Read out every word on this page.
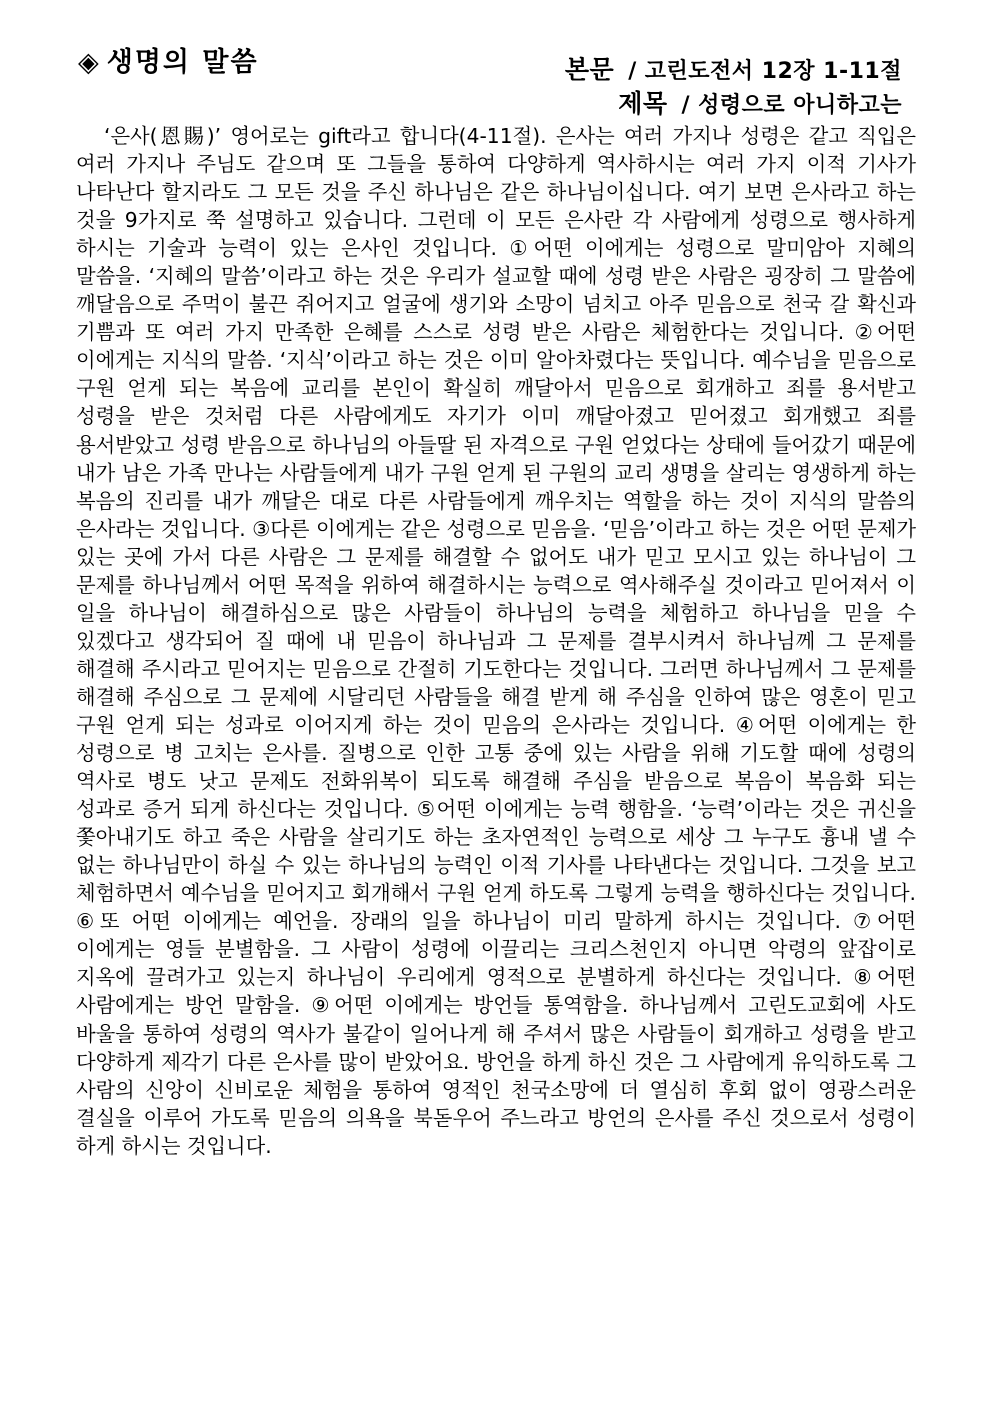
◈ 생명의 말씀	본문 / 고린도전서 12장 1-11절
제목 / 성령으로 아니하고는

‘은사(恩賜)’ 영어로는 gift라고 합니다(4-11절). 은사는 여러 가지나 성령은 같고 직입은 여러 가지나 주님도 같으며 또 그들을 통하여 다양하게 역사하시는 여러 가지 이적 기사가 나타난다 할지라도 그 모든 것을 주신 하나님은 같은 하나님이십니다. 여기 보면 은사라고 하는 것을 9가지로 쭉 설명하고 있습니다. 그런데 이 모든 은사란 각 사람에게 성령으로 행사하게 하시는 기술과 능력이 있는 은사인 것입니다. ①어떤 이에게는 성령으로 말미암아 지혜의 말씀을. ‘지혜의 말씀’이라고 하는 것은 우리가 설교할 때에 성령 받은 사람은 굉장히 그 말씀에 깨달음으로 주먹이 불끈 쥐어지고 얼굴에 생기와 소망이 넘치고 아주 믿음으로 천국 갈 확신과 기쁨과 또 여러 가지 만족한 은혜를 스스로 성령 받은 사람은 체험한다는 것입니다. ②어떤 이에게는 지식의 말씀. ‘지식’이라고 하는 것은 이미 알아차렸다는 뜻입니다. 예수님을 믿음으로 구원 얻게 되는 복음에 교리를 본인이 확실히 깨달아서 믿음으로 회개하고 죄를 용서받고 성령을 받은 것처럼 다른 사람에게도 자기가 이미 깨달아졌고 믿어졌고 회개했고 죄를 용서받았고 성령 받음으로 하나님의 아들딸 된 자격으로 구원 얻었다는 상태에 들어갔기 때문에 내가 남은 가족 만나는 사람들에게 내가 구원 얻게 된 구원의 교리 생명을 살리는 영생하게 하는 복음의 진리를 내가 깨달은 대로 다른 사람들에게 깨우치는 역할을 하는 것이 지식의 말씀의 은사라는 것입니다. ③다른 이에게는 같은 성령으로 믿음을. ‘믿음’이라고 하는 것은 어떤 문제가 있는 곳에 가서 다른 사람은 그 문제를 해결할 수 없어도 내가 믿고 모시고 있는 하나님이 그 문제를 하나님께서 어떤 목적을 위하여 해결하시는 능력으로 역사해주실 것이라고 믿어져서 이 일을 하나님이 해결하심으로 많은 사람들이 하나님의 능력을 체험하고 하나님을 믿을 수 있겠다고 생각되어 질 때에 내 믿음이 하나님과 그 문제를 결부시켜서 하나님께 그 문제를 해결해 주시라고 믿어지는 믿음으로 간절히 기도한다는 것입니다. 그러면 하나님께서 그 문제를 해결해 주심으로 그 문제에 시달리던 사람들을 해결 받게 해 주심을 인하여 많은 영혼이 믿고 구원 얻게 되는 성과로 이어지게 하는 것이 믿음의 은사라는 것입니다. ④어떤 이에게는 한 성령으로 병 고치는 은사를. 질병으로 인한 고통 중에 있는 사람을 위해 기도할 때에 성령의 역사로 병도 낫고 문제도 전화위복이 되도록 해결해 주심을 받음으로 복음이 복음화 되는 성과로 증거 되게 하신다는 것입니다. ⑤어떤 이에게는 능력 행함을. ‘능력’이라는 것은 귀신을 쫓아내기도 하고 죽은 사람을 살리기도 하는 초자연적인 능력으로 세상 그 누구도 흉내 낼 수 없는 하나님만이 하실 수 있는 하나님의 능력인 이적 기사를 나타낸다는 것입니다. 그것을 보고 체험하면서 예수님을 믿어지고 회개해서 구원 얻게 하도록 그렇게 능력을 행하신다는 것입니다. ⑥또 어떤 이에게는 예언을. 장래의 일을 하나님이 미리 말하게 하시는 것입니다. ⑦어떤 이에게는 영들 분별함을. 그 사람이 성령에 이끌리는 크리스천인지 아니면 악령의 앞잡이로 지옥에 끌려가고 있는지 하나님이 우리에게 영적으로 분별하게 하신다는 것입니다. ⑧어떤 사람에게는 방언 말함을. ⑨어떤 이에게는 방언들 통역함을. 하나님께서 고린도교회에 사도 바울을 통하여 성령의 역사가 불같이 일어나게 해 주셔서 많은 사람들이 회개하고 성령을 받고 다양하게 제각기 다른 은사를 많이 받았어요. 방언을 하게 하신 것은 그 사람에게 유익하도록 그 사람의 신앙이 신비로운 체험을 통하여 영적인 천국소망에 더 열심히 후회 없이 영광스러운 결실을 이루어 가도록 믿음의 의욕을 북돋우어 주느라고 방언의 은사를 주신 것으로서 성령이 하게 하시는 것입니다.
